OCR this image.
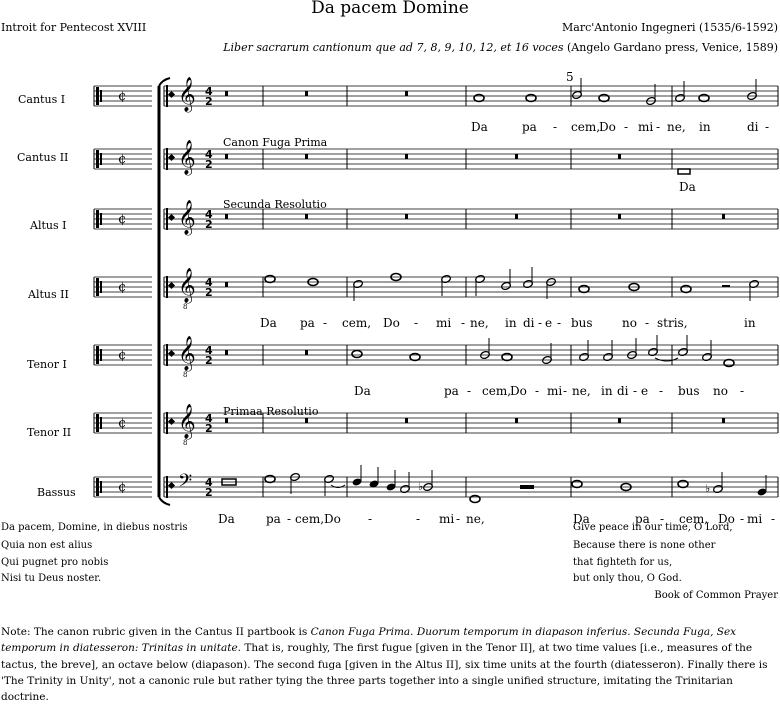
Da pacem Domine
Introit for Pentecost XVIII	Marc'Antonio Ingegneri (1535/6-1592)
Liber sacrarum cantionum que ad 7, 8, 9, 10, 12, et 16 voces (Angelo Gardano press, Venice, 1589)
¢ 𝄞 4
2
¢ 𝄞 4
2
¢ 𝄞 4
2
¢ 𝄞 4
2
8
¢ 𝄞 4
2
8
¢ 𝄞 4
2
8
¢ 𝄢 4
2	♭
♭
Cantus I
Cantus II
Altus I
Altus II
Tenor I
Tenor II
Bassus
5
Canon Fuga Prima
Secunda Resolutio
Primaa Resolutio
Da	pa - cem,
Do - mi - ne, in	di -
Da
Da pa - cem, Do - mi - ne, in di - e - bus no - stris,	in
Da	pa - cem,
Do - mi - ne, in di - e - bus no -
Da	pa - cem, Do -	- mi - ne,	Da	pa - cem, Do - mi -
Da pacem, Domine, in diebus nostris
Quia non est alius
Qui pugnet pro nobis
Nisi tu Deus noster.
Give peace in our time, O Lord,
Because there is none other
that fighteth for us,
but only thou, O God.
Book of Common Prayer
Note: The canon rubric given in the Cantus II partbook is Canon Fuga Prima. Duorum temporum in diapason inferius. Secunda Fuga, Sex temporum in diatesseron: Trinitas in unitate. That is, roughly, The first fugue [given in the Tenor II], at two time values [i.e., measures of the tactus, the breve], an octave below (diapason). The second fuga [given in the Altus II], six time units at the fourth (diatesseron). Finally there is 'The Trinity in Unity', not a canonic rule but rather tying the three parts together into a single unified structure, imitating the Trinitarian doctrine.
